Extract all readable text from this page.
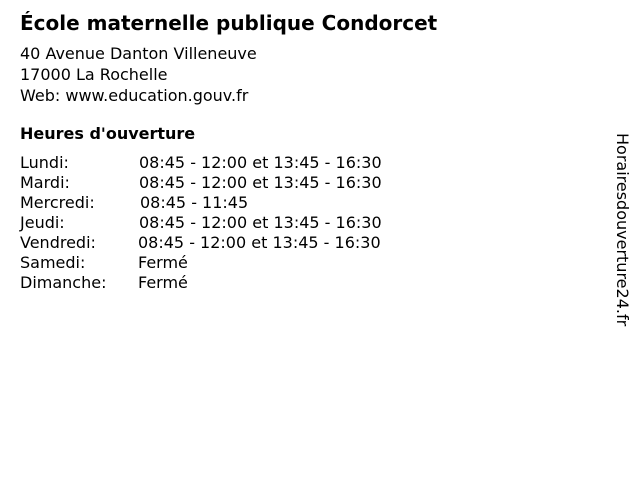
École maternelle publique Condorcet
40 Avenue Danton Villeneuve
17000 La Rochelle
Web: www.education.gouv.fr
Heures d'ouverture
Lundi:	08:45 - 12:00 et 13:45 - 16:30
Mardi:	08:45 - 12:00 et 13:45 - 16:30
Mercredi:	08:45 - 11:45
Jeudi:	08:45 - 12:00 et 13:45 - 16:30
Vendredi:	08:45 - 12:00 et 13:45 - 16:30
Samedi:	Fermé
Dimanche: Fermé	Horairesdouverture24.fr
